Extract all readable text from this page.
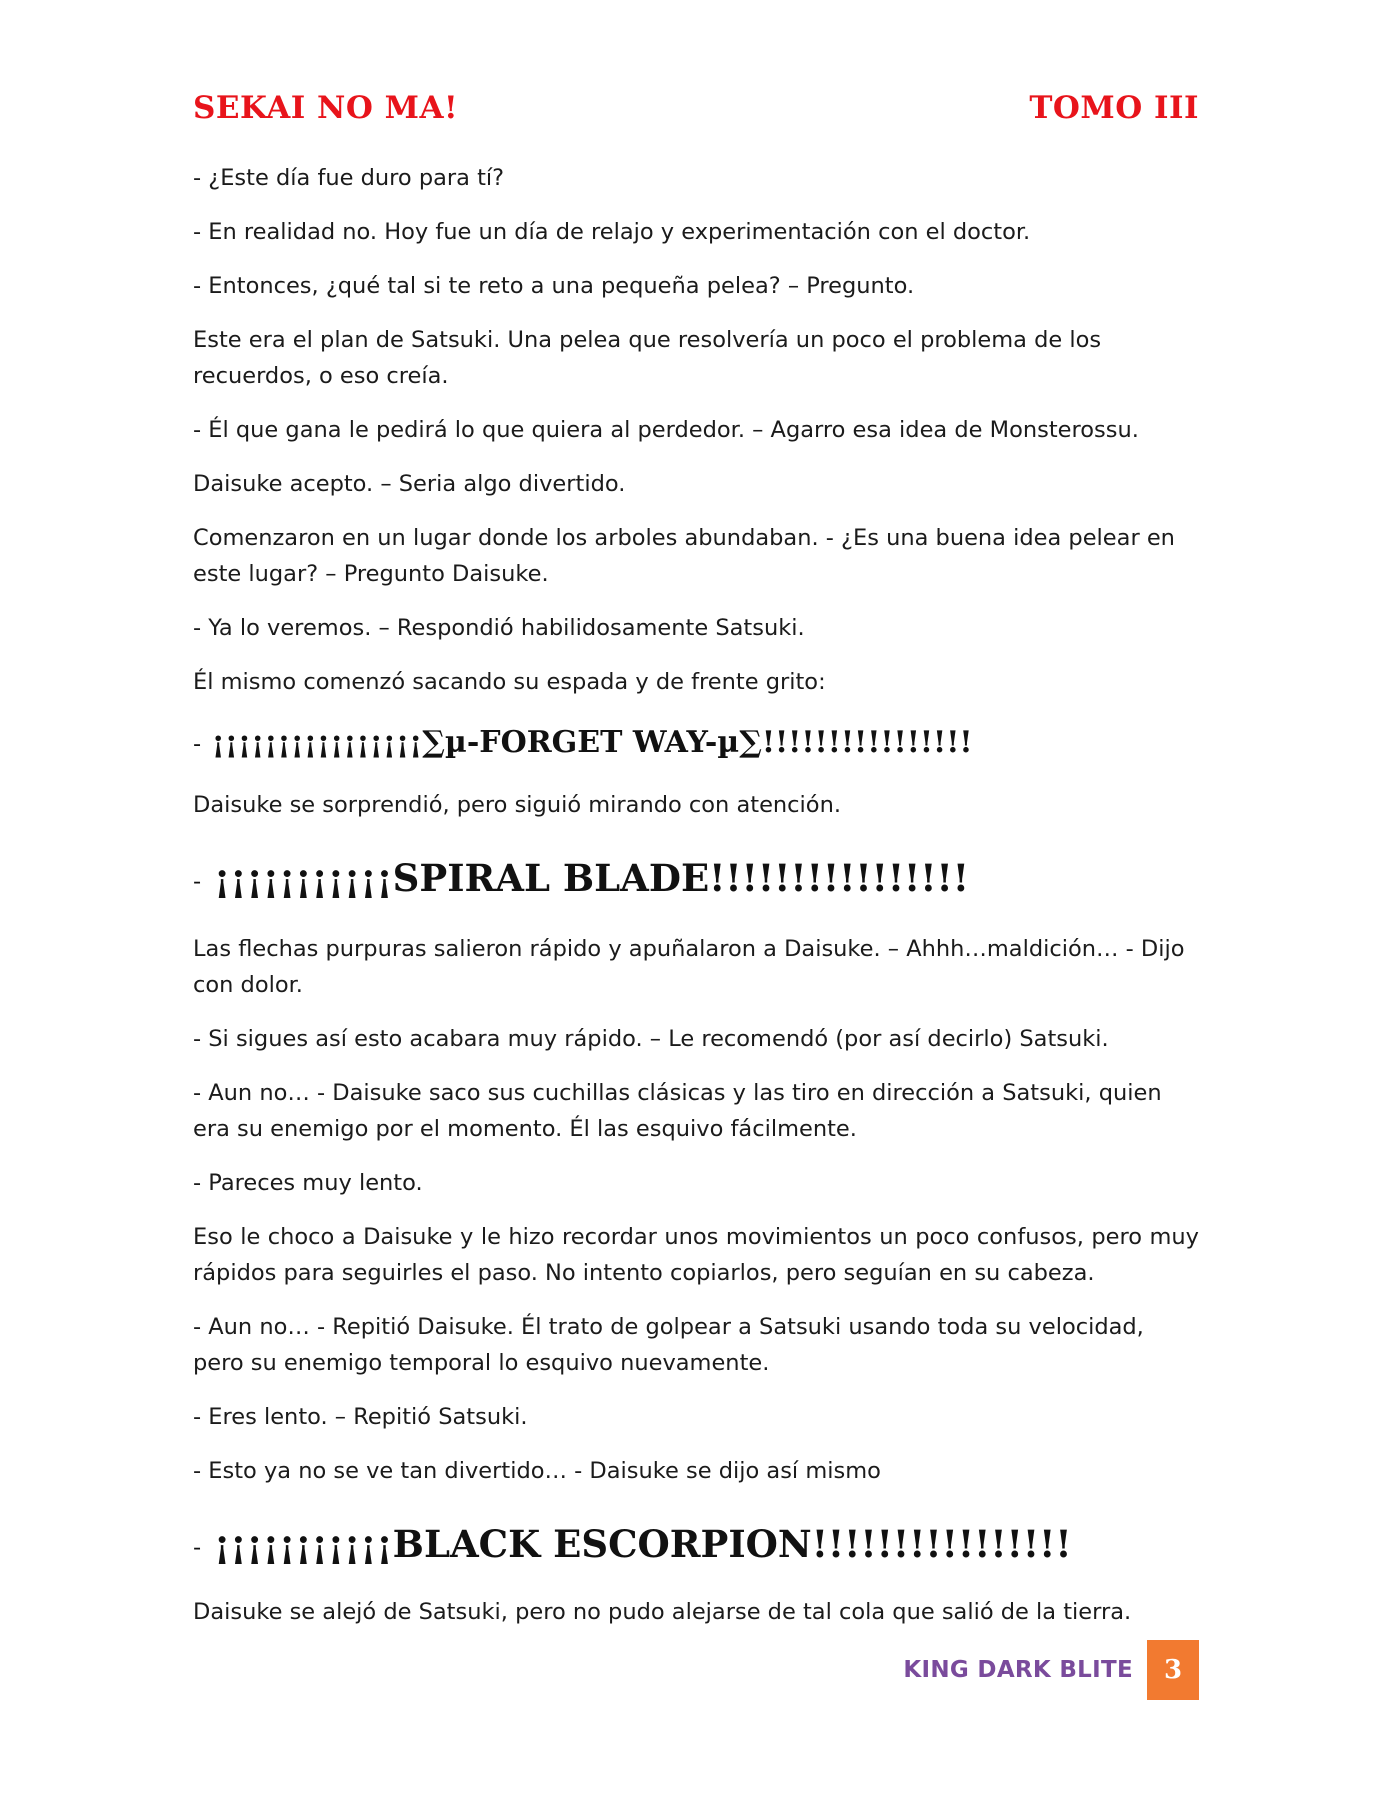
SEKAI NO MA!	TOMO III

- ¿Este día fue duro para tí?

- En realidad no. Hoy fue un día de relajo y experimentación con el doctor.

- Entonces, ¿qué tal si te reto a una pequeña pelea? – Pregunto.

Este era el plan de Satsuki. Una pelea que resolvería un poco el problema de los recuerdos, o eso creía.

- Él que gana le pedirá lo que quiera al perdedor. – Agarro esa idea de Monsterossu.

Daisuke acepto. – Seria algo divertido.

Comenzaron en un lugar donde los arboles abundaban. - ¿Es una buena idea pelear en este lugar? – Pregunto Daisuke.

- Ya lo veremos. – Respondió habilidosamente Satsuki.

Él mismo comenzó sacando su espada y de frente grito:

- ¡¡¡¡¡¡¡¡¡¡¡¡¡¡¡¡∑µ-FORGET WAY-µ∑!!!!!!!!!!!!!!!!

Daisuke se sorprendió, pero siguió mirando con atención.

- ¡¡¡¡¡¡¡¡¡¡¡SPIRAL BLADE!!!!!!!!!!!!!!!!

Las flechas purpuras salieron rápido y apuñalaron a Daisuke. – Ahhh…maldición… - Dijo con dolor.

- Si sigues así esto acabara muy rápido. – Le recomendó (por así decirlo) Satsuki.

- Aun no… - Daisuke saco sus cuchillas clásicas y las tiro en dirección a Satsuki, quien era su enemigo por el momento. Él las esquivo fácilmente.

- Pareces muy lento.

Eso le choco a Daisuke y le hizo recordar unos movimientos un poco confusos, pero muy rápidos para seguirles el paso. No intento copiarlos, pero seguían en su cabeza.

- Aun no… - Repitió Daisuke. Él trato de golpear a Satsuki usando toda su velocidad, pero su enemigo temporal lo esquivo nuevamente.

- Eres lento. – Repitió Satsuki.

- Esto ya no se ve tan divertido… - Daisuke se dijo así mismo

- ¡¡¡¡¡¡¡¡¡¡¡BLACK ESCORPION!!!!!!!!!!!!!!!!

Daisuke se alejó de Satsuki, pero no pudo alejarse de tal cola que salió de la tierra.

KING DARK BLITE 3
